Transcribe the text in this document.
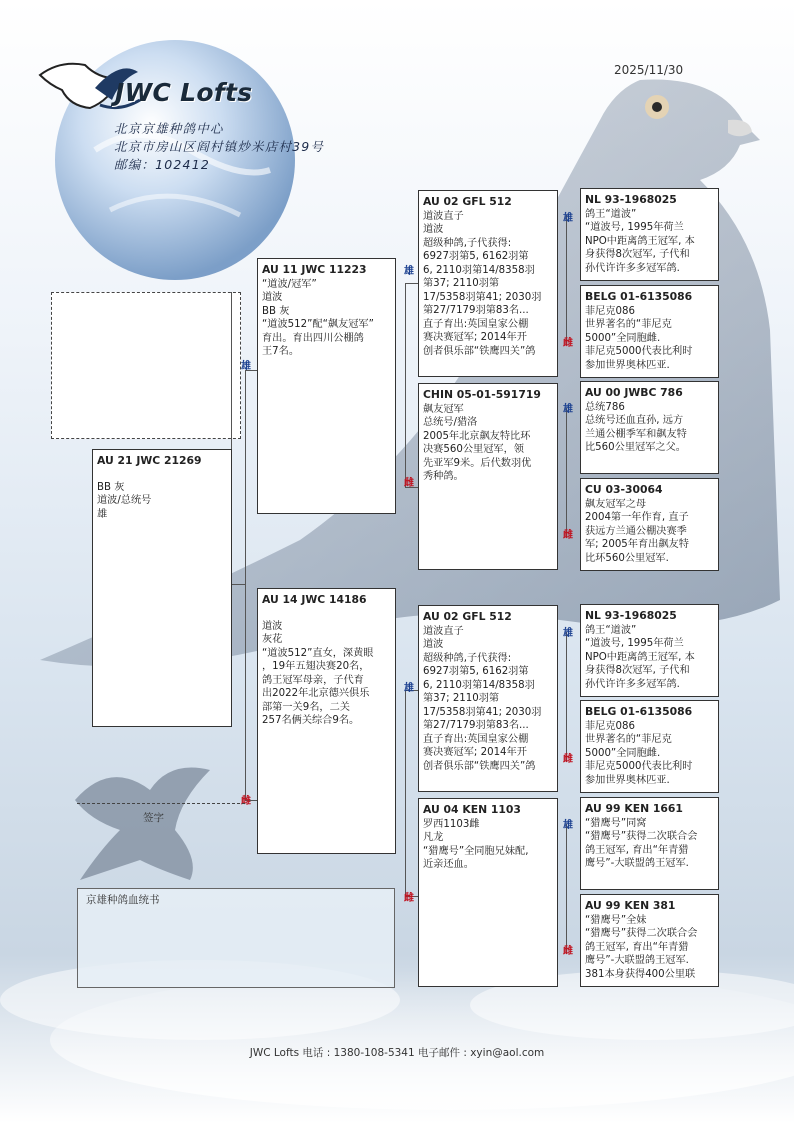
2025/11/30
JWC Lofts
北京京雄种鸽中心
北京市房山区阎村镇炒米店村39号
邮编：102412
雄
雌
雄
雌
雄
雌
雄
雌
雄
雌
雄
雌
雄
雌
AU 21 JWC 21269
BB 灰
道波/总统号
雄
AU 11 JWC 11223
“道波/冠军”
道波
BB 灰
“道波512”配“飙友冠军”
育出。育出四川公棚鸽
王7名。
AU 14 JWC 14186
道波
灰花
“道波512”直女，深黄眼
，19年五翅决赛20名，
鸽王冠军母亲，子代育
出2022年北京德兴俱乐
部第一关9名，二关
257名俩关综合9名。
AU 02 GFL 512
道波直子
道波
超级种鸽,子代获得:
6927羽第5, 6162羽第
6, 2110羽第14/8358羽
第37; 2110羽第
17/5358羽第41; 2030羽
第27/7179羽第83名...
直子育出:英国皇家公棚
赛决赛冠军; 2014年开
创者俱乐部“铁鹰四关”鸽
CHIN 05-01-591719
飙友冠军
总统号/猎洛
2005年北京飙友特比环
决赛560公里冠军，领
先亚军9米。后代数羽优
秀种鸽。
AU 02 GFL 512
道波直子
道波
超级种鸽,子代获得:
6927羽第5, 6162羽第
6, 2110羽第14/8358羽
第37; 2110羽第
17/5358羽第41; 2030羽
第27/7179羽第83名...
直子育出:英国皇家公棚
赛决赛冠军; 2014年开
创者俱乐部“铁鹰四关”鸽
AU 04 KEN 1103
罗西1103雌
凡龙
“猎鹰号”全同胞兄妹配,
近亲还血。
NL 93-1968025
鸽王“道波”
“道波号, 1995年荷兰
NPO中距离鸽王冠军, 本
身获得8次冠军, 子代和
孙代许许多多冠军鸽.
BELG 01-6135086
菲尼克086
世界著名的“菲尼克
5000”全同胞雌.
菲尼克5000代表比利时
参加世界奥林匹亚.
AU 00 JWBC 786
总统786
总统号还血直孙, 远方
兰通公棚季军和飙友特
比560公里冠军之父。
CU 03-30064
飙友冠军之母
2004第一年作育, 直子
获远方兰通公棚决赛季
军; 2005年育出飙友特
比环560公里冠军.
NL 93-1968025
鸽王“道波”
“道波号, 1995年荷兰
NPO中距离鸽王冠军, 本
身获得8次冠军, 子代和
孙代许许多多冠军鸽.
BELG 01-6135086
菲尼克086
世界著名的“菲尼克
5000”全同胞雌.
菲尼克5000代表比利时
参加世界奥林匹亚.
AU 99 KEN 1661
“猎鹰号”同窝
“猎鹰号”获得二次联合会
鸽王冠军, 育出“年青猎
鹰号”-大联盟鸽王冠军.
AU 99 KEN 381
“猎鹰号”全妹
“猎鹰号”获得二次联合会
鸽王冠军, 育出“年青猎
鹰号”-大联盟鸽王冠军.
381本身获得400公里联
签字
京雄种鸽血统书
JWC Lofts 电话 : 1380-108-5341 电子邮件 : xyin@aol.com
